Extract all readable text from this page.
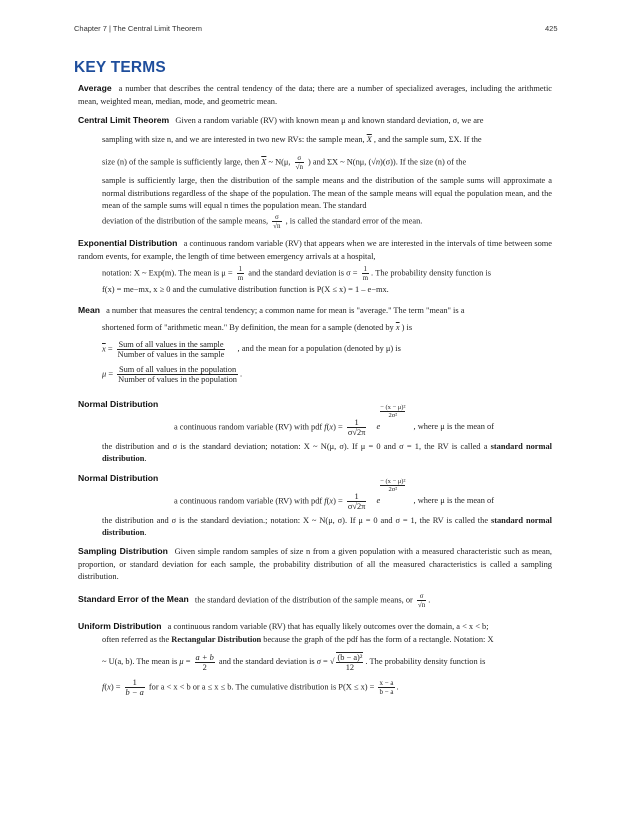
Chapter 7 | The Central Limit Theorem	425
KEY TERMS
Average a number that describes the central tendency of the data; there are a number of specialized averages, including the arithmetic mean, weighted mean, median, mode, and geometric mean.
Central Limit Theorem Given a random variable (RV) with known mean μ and known standard deviation, σ, we are
sampling with size n, and we are interested in two new RVs: the sample mean, $\overline{X}$ , and the sample sum, ΣX. If the
size (n) of the sample is sufficiently large, then $\overline{X}$ ~ N(μ, $\frac{\sigma}{√n}$ ) and ΣX ~ N(nμ, (√n)(σ)). If the size (n) of the
sample is sufficiently large, then the distribution of the sample means and the distribution of the sample sums will approximate a normal distributions regardless of the shape of the population. The mean of the sample means will equal the population mean, and the mean of the sample sums will equal n times the population mean. The standard
deviation of the distribution of the sample means, $\frac{\sigma}{√n}$ , is called the standard error of the mean.
Exponential Distribution a continuous random variable (RV) that appears when we are interested in the intervals of time between some random events, for example, the length of time between emergency arrivals at a hospital,
notation: X ~ Exp(m). The mean is $\mu = \frac{1}{m}$ and the standard deviation is $\sigma = \frac{1}{m}$ . The probability density function is
f(x) = me−mx, x ≥ 0 and the cumulative distribution function is P(X ≤ x) = 1 – e−mx.
Mean a number that measures the central tendency; a common name for mean is "average." The term "mean" is a
shortened form of "arithmetic mean." By definition, the mean for a sample (denoted by $\overline{x}$ ) is
$\overline{x} = \frac{\text{Sum of all values in the sample}}{\text{Number of values in the sample}}$ , and the mean for a population (denoted by μ) is
$\mu = \frac{\text{Sum of all values in the population}}{\text{Number of values in the population}}$ .
Normal Distribution
a continuous random variable (RV) with pdf $f(x) = \frac{1}{\sigma√2\pi}$ e
$\frac{\text{− (x − μ)²}}{\text{2σ²}}$
, where μ is the mean of
the distribution and σ is the standard deviation; notation: X ~ N(μ, σ). If μ = 0 and σ = 1, the RV is called a standard normal distribution.
Normal Distribution
a continuous random variable (RV) with pdf $f(x) = \frac{1}{\sigma√2\pi}$ e
$\frac{\text{− (x − μ)²}}{\text{2σ²}}$
, where μ is the mean of
the distribution and σ is the standard deviation.; notation: X ~ N(μ, σ). If μ = 0 and σ = 1, the RV is called the standard normal distribution.
Sampling Distribution Given simple random samples of size n from a given population with a measured characteristic such as mean, proportion, or standard deviation for each sample, the probability distribution of all the measured characteristics is called a sampling distribution.
Standard Error of the Mean the standard deviation of the distribution of the sample means, or $\frac{\sigma}{√n}$ .
Uniform Distribution a continuous random variable (RV) that has equally likely outcomes over the domain, a < x < b;
often referred as the Rectangular Distribution because the graph of the pdf has the form of a rectangle. Notation: X
~ U(a, b). The mean is $\mu = \frac{a + b}{2}$ and the standard deviation is σ = √ $\frac{\text{(b − a)²}}{12}$ . The probability density function is
$f(x) = \frac{1}{b - a}$ for a < x < b or a ≤ x ≤ b. The cumulative distribution is $P(X \le x) = \frac{x - a}{b - a}$ .
